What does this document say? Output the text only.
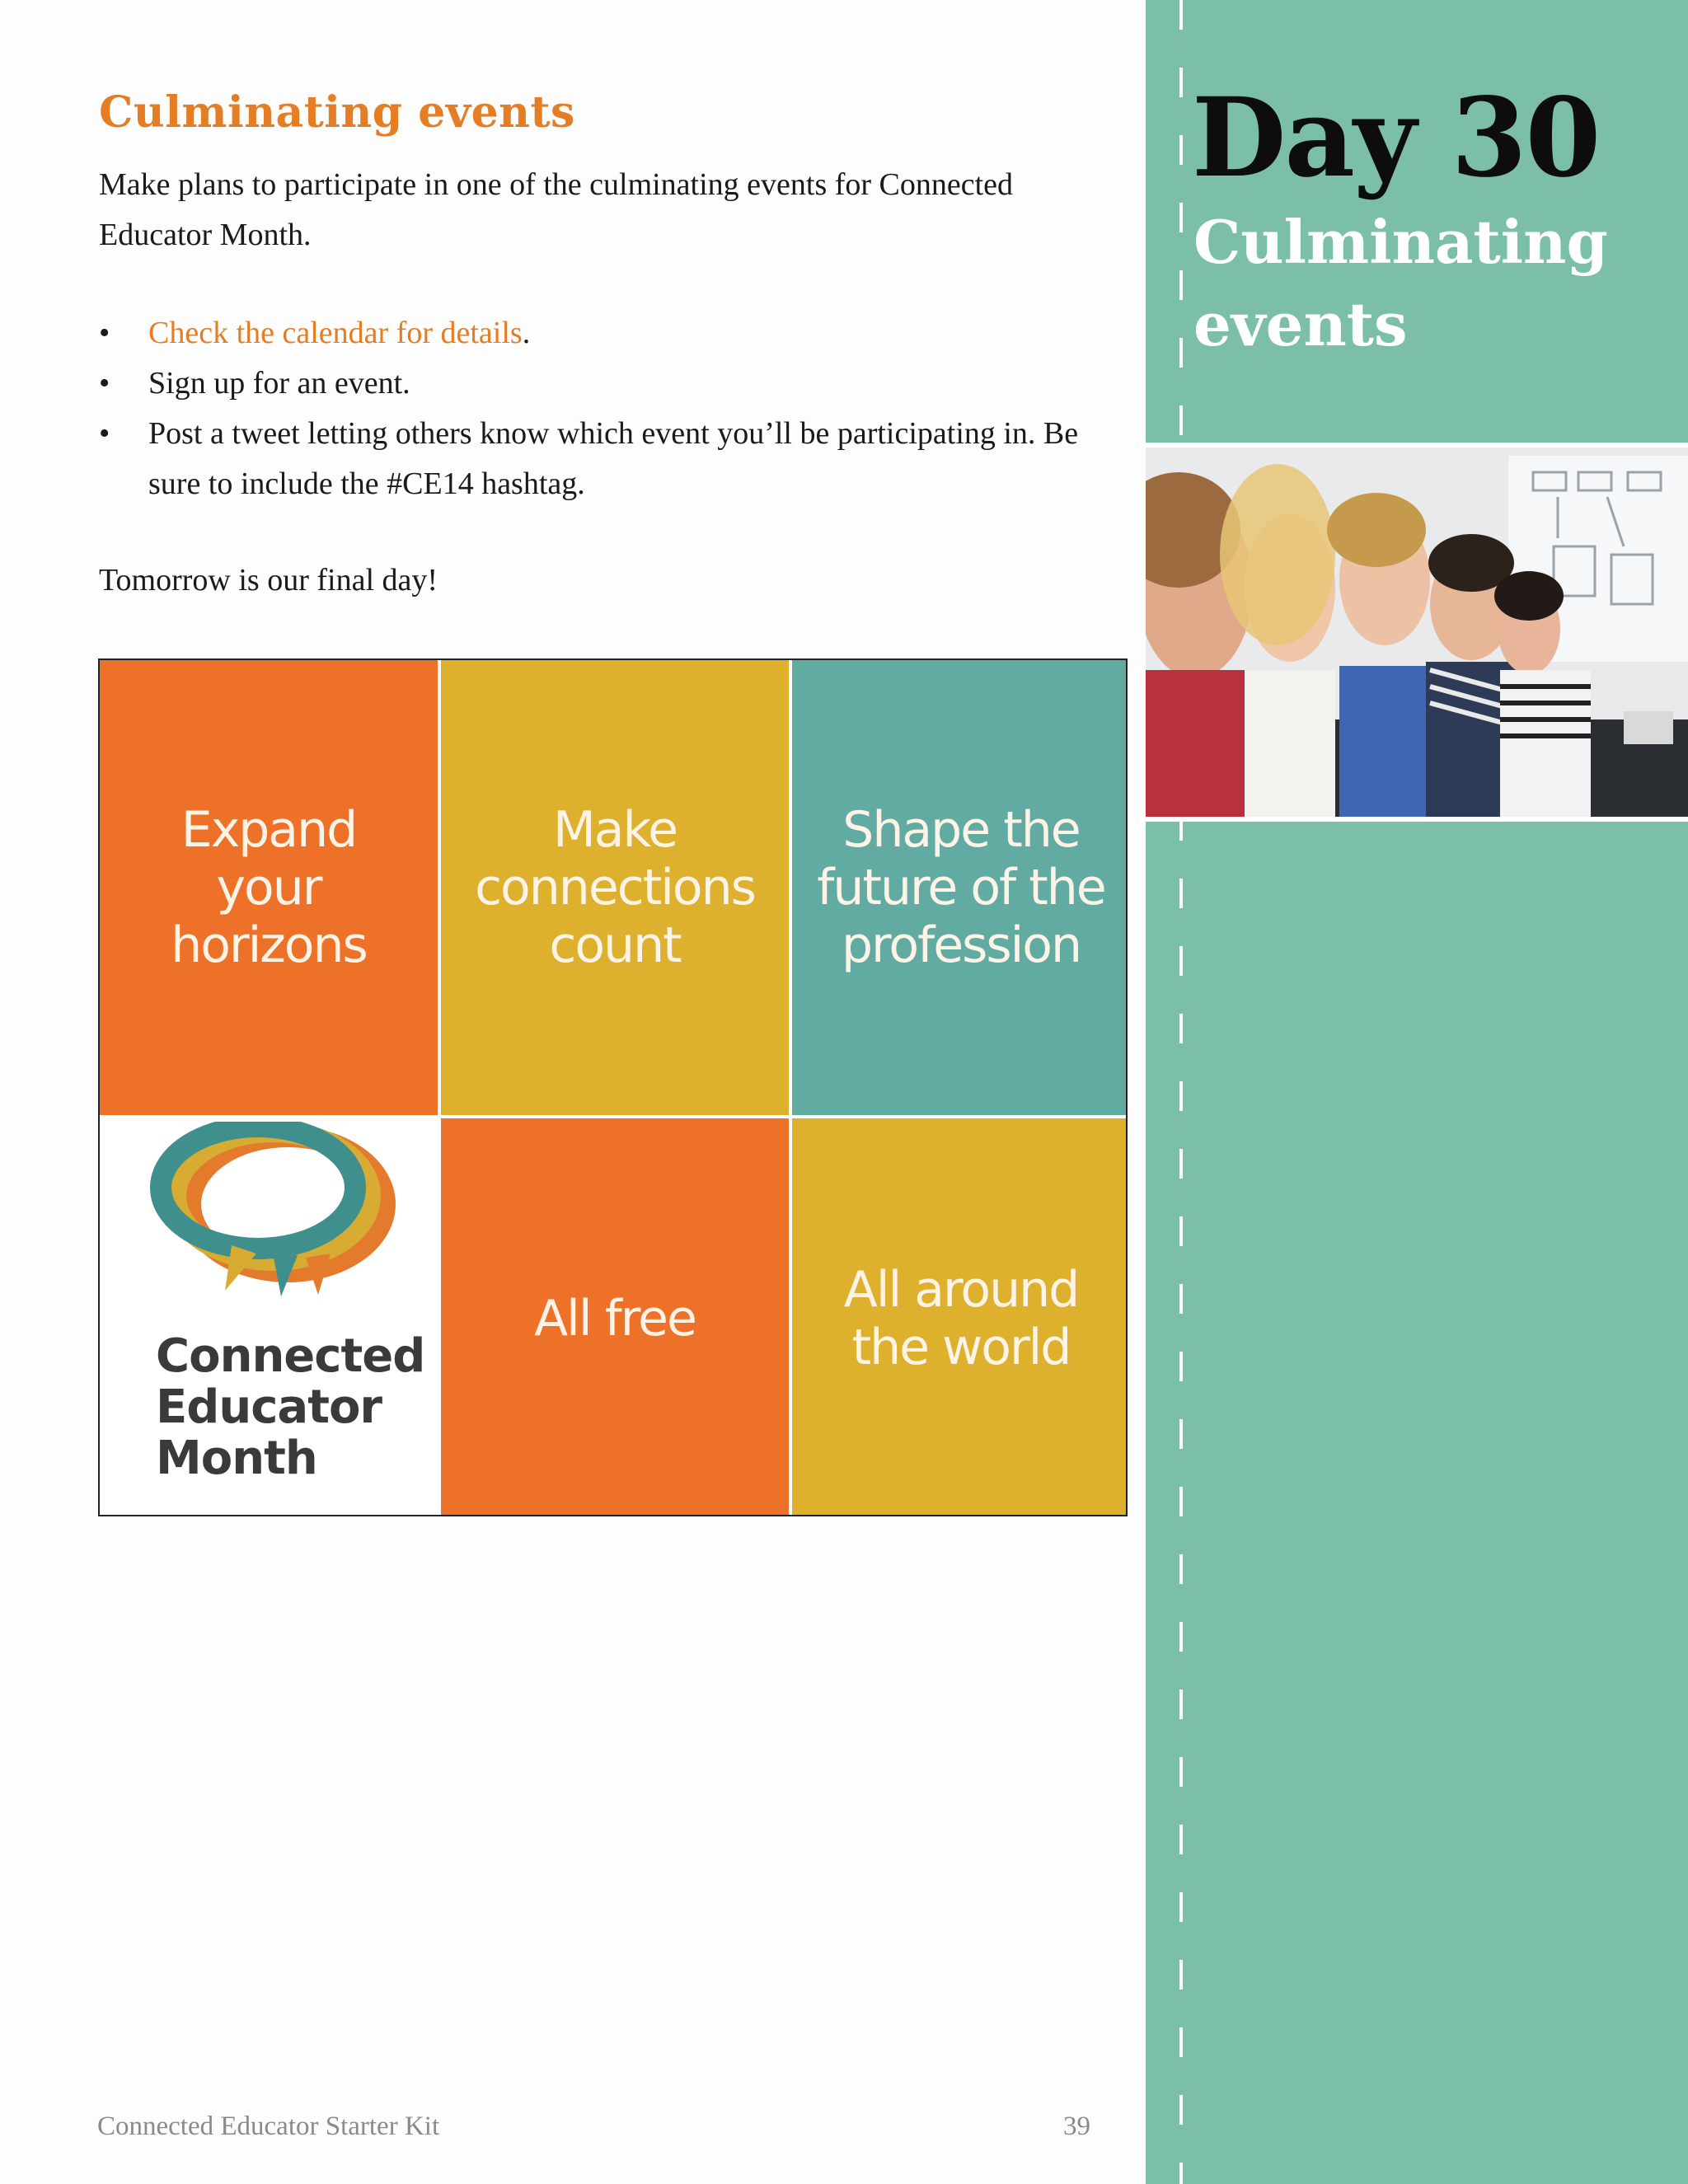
Culminating events

Make plans to participate in one of the culminating events for Connected Educator Month.

• Check the calendar for details.
• Sign up for an event.
• Post a tweet letting others know which event you’ll be participating in. Be sure to include the #CE14 hashtag.

Tomorrow is our final day!

Expand
your
horizons
Make
connections
count
Shape the
future of the
profession
All free	All around
the world
Connected
Educator
Month
Connected Educator Starter Kit	39
Day 30
Culminating events
